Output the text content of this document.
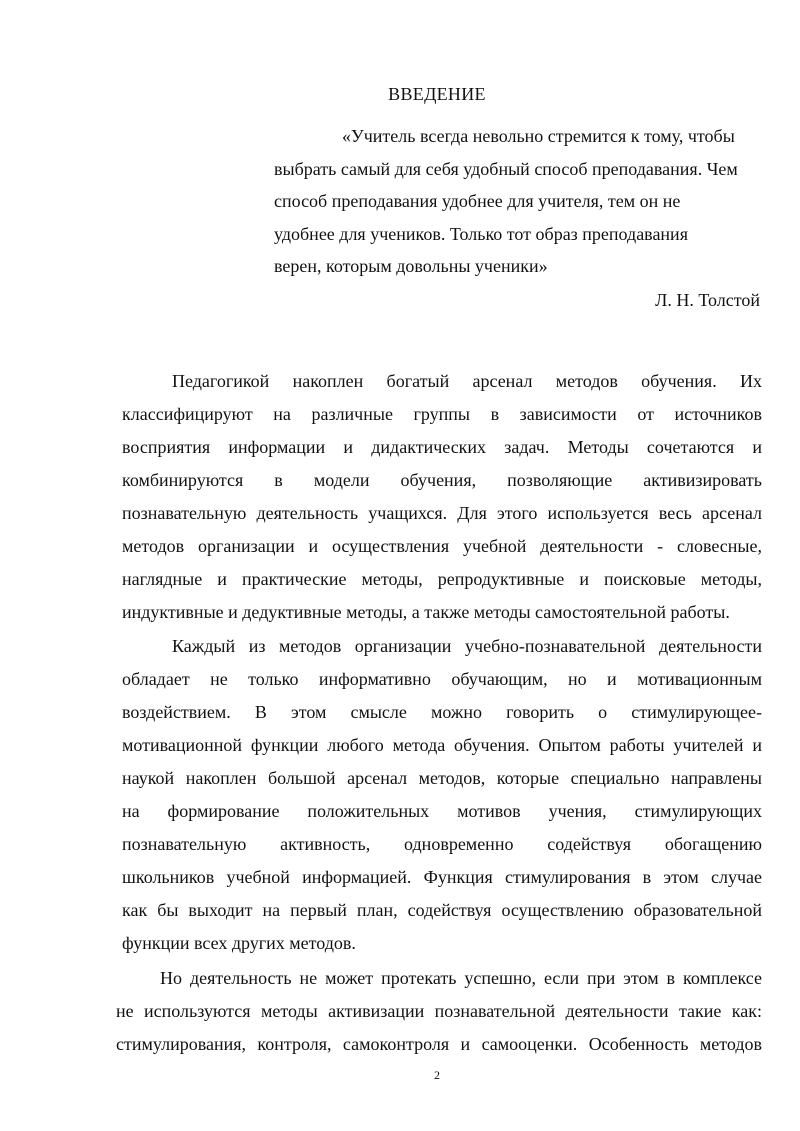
ВВЕДЕНИЕ
«Учитель всегда невольно стремится к тому, чтобы
выбрать самый для себя удобный способ преподавания. Чем
способ преподавания удобнее для учителя, тем он не
удобнее для учеников. Только тот образ преподавания
верен, которым довольны ученики»
Л. Н. Толстой
Педагогикой накоплен богатый арсенал методов обучения. Их
классифицируют на различные группы в зависимости от источников
восприятия информации и дидактических задач. Методы сочетаются и
комбинируются в модели обучения, позволяющие активизировать
познавательную деятельность учащихся. Для этого используется весь арсенал
методов организации и осуществления учебной деятельности - словесные,
наглядные и практические методы, репродуктивные и поисковые методы,
индуктивные и дедуктивные методы, а также методы самостоятельной работы.
Каждый из методов организации учебно-познавательной деятельности
обладает не только информативно обучающим, но и мотивационным
воздействием. В этом смысле можно говорить о стимулирующее-
мотивационной функции любого метода обучения. Опытом работы учителей и
наукой накоплен большой арсенал методов, которые специально направлены
на формирование положительных мотивов учения, стимулирующих
познавательную активность, одновременно содействуя обогащению
школьников учебной информацией. Функция стимулирования в этом случае
как бы выходит на первый план, содействуя осуществлению образовательной
функции всех других методов.
Но деятельность не может протекать успешно, если при этом в комплексе
не используются методы активизации познавательной деятельности такие как:
стимулирования, контроля, самоконтроля и самооценки. Особенность методов
2
